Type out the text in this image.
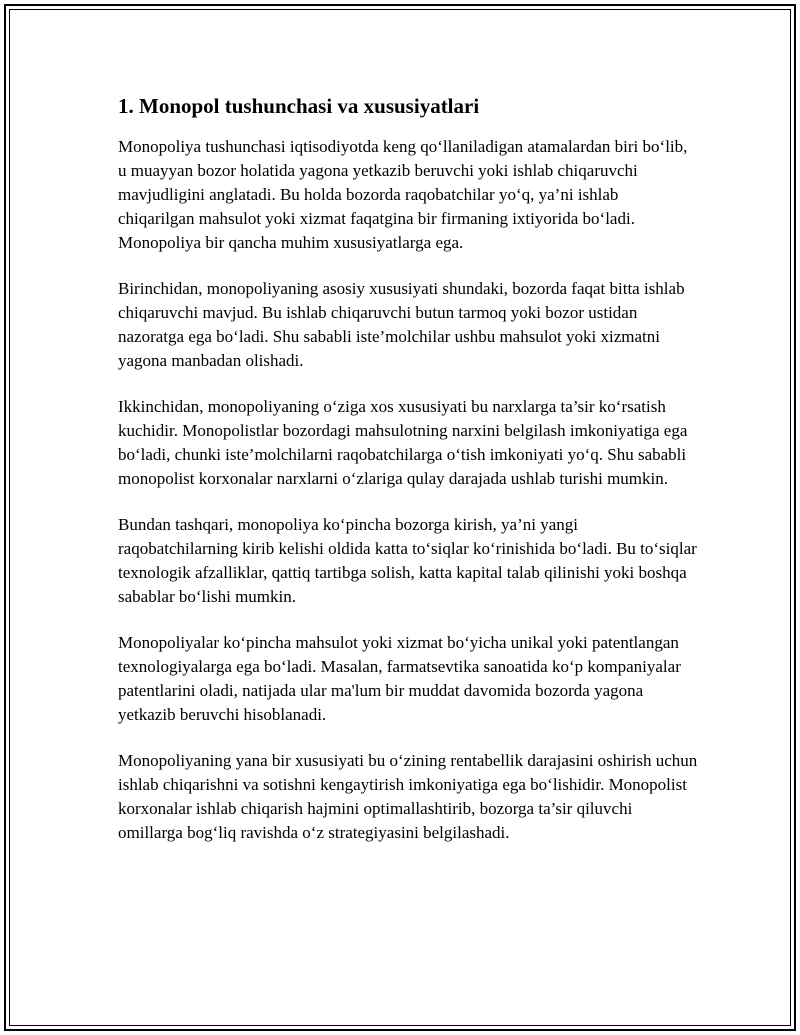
1. Monopol tushunchasi va xususiyatlari

Monopoliya tushunchasi iqtisodiyotda keng qo‘llaniladigan atamalardan biri bo‘lib, u muayyan bozor holatida yagona yetkazib beruvchi yoki ishlab chiqaruvchi mavjudligini anglatadi. Bu holda bozorda raqobatchilar yo‘q, ya’ni ishlab chiqarilgan mahsulot yoki xizmat faqatgina bir firmaning ixtiyorida bo‘ladi. Monopoliya bir qancha muhim xususiyatlarga ega.

Birinchidan, monopoliyaning asosiy xususiyati shundaki, bozorda faqat bitta ishlab chiqaruvchi mavjud. Bu ishlab chiqaruvchi butun tarmoq yoki bozor ustidan nazoratga ega bo‘ladi. Shu sababli iste’molchilar ushbu mahsulot yoki xizmatni yagona manbadan olishadi.

Ikkinchidan, monopoliyaning o‘ziga xos xususiyati bu narxlarga ta’sir ko‘rsatish kuchidir. Monopolistlar bozordagi mahsulotning narxini belgilash imkoniyatiga ega bo‘ladi, chunki iste’molchilarni raqobatchilarga o‘tish imkoniyati yo‘q. Shu sababli monopolist korxonalar narxlarni o‘zlariga qulay darajada ushlab turishi mumkin.

Bundan tashqari, monopoliya ko‘pincha bozorga kirish, ya’ni yangi raqobatchilarning kirib kelishi oldida katta to‘siqlar ko‘rinishida bo‘ladi. Bu to‘siqlar texnologik afzalliklar, qattiq tartibga solish, katta kapital talab qilinishi yoki boshqa sabablar bo‘lishi mumkin.

Monopoliyalar ko‘pincha mahsulot yoki xizmat bo‘yicha unikal yoki patentlangan texnologiyalarga ega bo‘ladi. Masalan, farmatsevtika sanoatida ko‘p kompaniyalar patentlarini oladi, natijada ular ma'lum bir muddat davomida bozorda yagona yetkazib beruvchi hisoblanadi.

Monopoliyaning yana bir xususiyati bu o‘zining rentabellik darajasini oshirish uchun ishlab chiqarishni va sotishni kengaytirish imkoniyatiga ega bo‘lishidir. Monopolist korxonalar ishlab chiqarish hajmini optimallashtirib, bozorga ta’sir qiluvchi omillarga bog‘liq ravishda o‘z strategiyasini belgilashadi.
